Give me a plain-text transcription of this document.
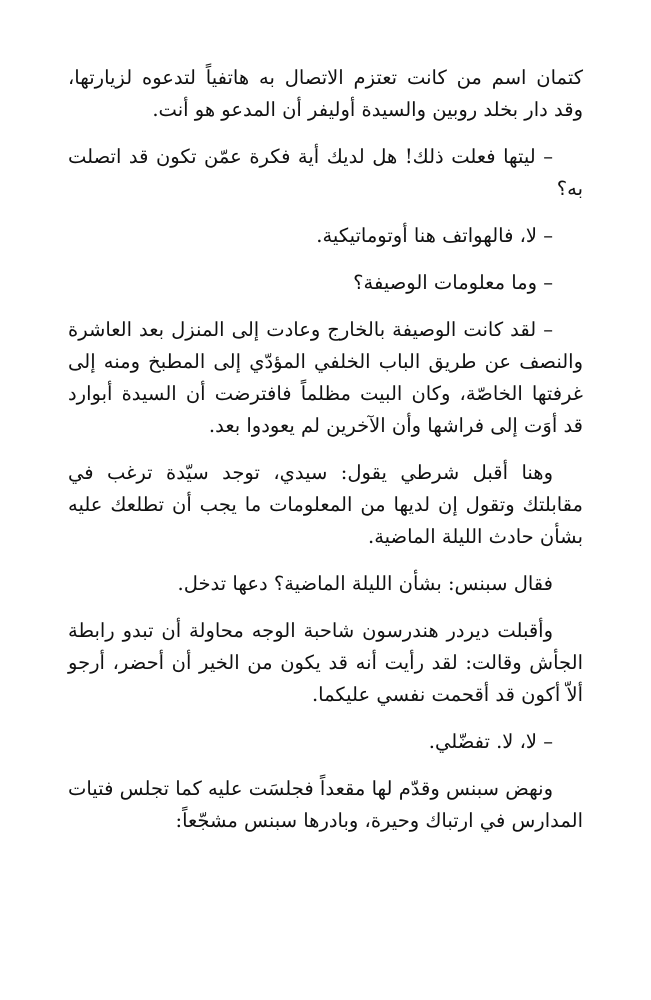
كتمان اسم من كانت تعتزم الاتصال به هاتفياً لتدعوه لزيارتها، وقد دار بخلد روبين والسيدة أوليفر أن المدعو هو أنت.

– ليتها فعلت ذلك! هل لديك أية فكرة عمّن تكون قد اتصلت به؟

– لا، فالهواتف هنا أوتوماتيكية.

– وما معلومات الوصيفة؟

– لقد كانت الوصيفة بالخارج وعادت إلى المنزل بعد العاشرة والنصف عن طريق الباب الخلفي المؤدّي إلى المطبخ ومنه إلى غرفتها الخاصّة، وكان البيت مظلماً فافترضت أن السيدة أبوارد قد أوَت إلى فراشها وأن الآخرين لم يعودوا بعد.

وهنا أقبل شرطي يقول: سيدي، توجد سيّدة ترغب في مقابلتك وتقول إن لديها من المعلومات ما يجب أن تطلعك عليه بشأن حادث الليلة الماضية.

فقال سبنس: بشأن الليلة الماضية؟ دعها تدخل.

وأقبلت ديردر هندرسون شاحبة الوجه محاولة أن تبدو رابطة الجأش وقالت: لقد رأيت أنه قد يكون من الخير أن أحضر، أرجو ألاّ أكون قد أقحمت نفسي عليكما.

– لا، لا. تفضّلي.

ونهض سبنس وقدّم لها مقعداً فجلسَت عليه كما تجلس فتيات المدارس في ارتباك وحيرة، وبادرها سبنس مشجّعاً:
